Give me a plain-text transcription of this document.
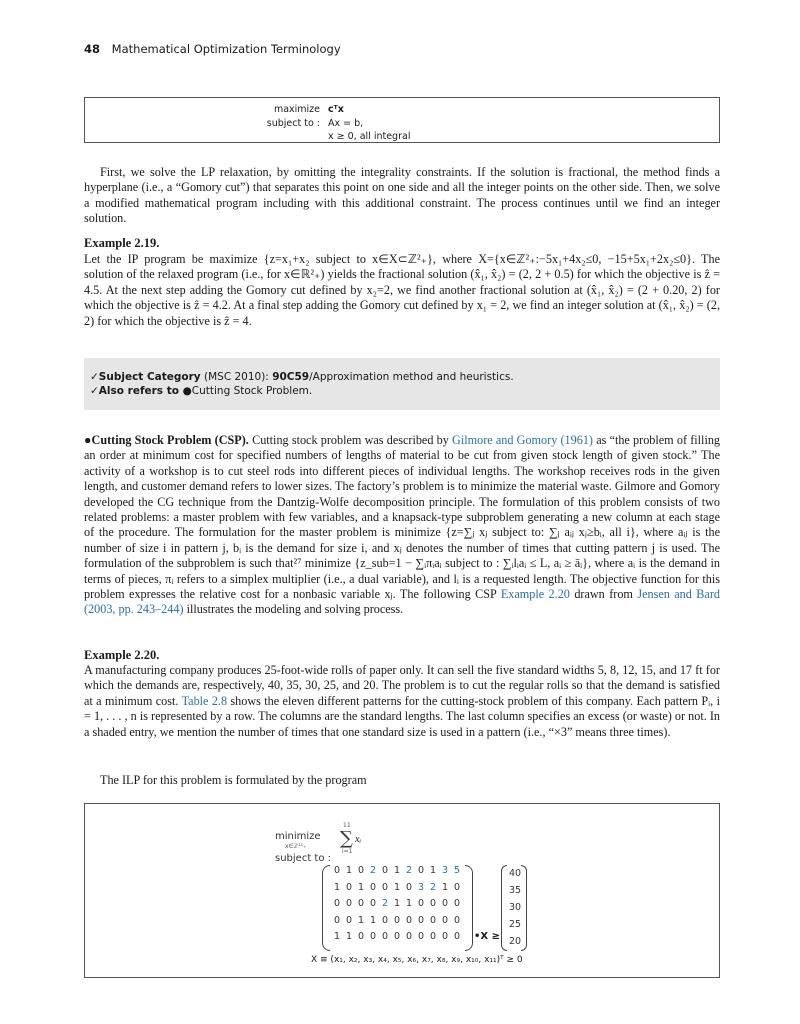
48 Mathematical Optimization Terminology
maximize cᵀx
subject to : Ax = b,
x ≥ 0, all integral

First, we solve the LP relaxation, by omitting the integrality constraints. If the solution is fractional, the method finds a hyperplane (i.e., a “Gomory cut”) that separates this point on one side and all the integer points on the other side. Then, we solve a modified mathematical program including with this additional constraint. The process continues until we find an integer solution.

Example 2.19.

Let the IP program be maximize {z=x₁+x₂ subject to x∈X⊂ℤ²₊}, where X={x∈ℤ²₊:−5x₁+4x₂≤0, −15+5x₁+2x₂≤0}. The solution of the relaxed program (i.e., for x∈ℝ²₊) yields the fractional solution (x̂₁, x̂₂) = (2, 2 + 0.5) for which the objective is ẑ = 4.5. At the next step adding the Gomory cut defined by x₂=2, we find another fractional solution at (x̂₁, x̂₂) = (2 + 0.20, 2) for which the objective is ẑ = 4.2. At a final step adding the Gomory cut defined by x₁ = 2, we find an integer solution at (x̂₁, x̂₂) = (2, 2) for which the objective is ẑ = 4.

✓Subject Category (MSC 2010): 90C59/Approximation method and heuristics.
✓Also refers to ●Cutting Stock Problem.

●Cutting Stock Problem (CSP). Cutting stock problem was described by Gilmore and Gomory (1961) as “the problem of filling an order at minimum cost for specified numbers of lengths of material to be cut from given stock length of given stock.” The activity of a workshop is to cut steel rods into different pieces of individual lengths. The workshop receives rods in the given length, and customer demand refers to lower sizes. The factory’s problem is to minimize the material waste. Gilmore and Gomory developed the CG technique from the Dantzig-Wolfe decomposition principle. The formulation of this problem consists of two related problems: a master problem with few variables, and a knapsack-type subproblem generating a new column at each stage of the procedure. The formulation for the master problem is minimize {z=∑ⱼ xⱼ subject to: ∑ⱼ aᵢⱼ xⱼ≥bᵢ, all i}, where aᵢⱼ is the number of size i in pattern j, bᵢ is the demand for size i, and xⱼ denotes the number of times that cutting pattern j is used. The formulation of the subproblem is such that²⁷ minimize {z_sub=1 − ∑ᵢπᵢaᵢ subject to : ∑ᵢlᵢaᵢ ≤ L, aᵢ ≥ āᵢ}, where aᵢ is the demand in terms of pieces, πᵢ refers to a simplex multiplier (i.e., a dual variable), and lᵢ is a requested length. The objective function for this problem expresses the relative cost for a nonbasic variable xⱼ. The following CSP Example 2.20 drawn from Jensen and Bard (2003, pp. 243–244) illustrates the modeling and solving process.

Example 2.20.

A manufacturing company produces 25-foot-wide rolls of paper only. It can sell the five standard widths 5, 8, 12, 15, and 17 ft for which the demands are, respectively, 40, 35, 30, 25, and 20. The problem is to cut the regular rolls so that the demand is satisfied at a minimum cost. Table 2.8 shows the eleven different patterns for the cutting-stock problem of this company. Each pattern Pᵢ, i = 1, . . . , n is represented by a row. The columns are the standard lengths. The last column specifies an excess (or waste) or not. In a shaded entry, we mention the number of times that one standard size is used in a pattern (i.e., “×3” means three times).

The ILP for this problem is formulated by the program

minimize
x∈ℤ¹¹₊
11
∑
i=1
xᵢ
subject to :
0 1 0 2 0 1 2 0 1 3 5
1 0 1 0 0 1 0 3 2 1 0
0 0 0 0 2 1 1 0 0 0 0
0 0 1 1 0 0 0 0 0 0 0
1 1 0 0 0 0 0 0 0 0 0 •X ≥
40
35
30
25
20
X ≡ (x₁, x₂, x₃, x₄, x₅, x₆, x₇, x₈, x₉, x₁₀, x₁₁)ᵀ ≥ 0
